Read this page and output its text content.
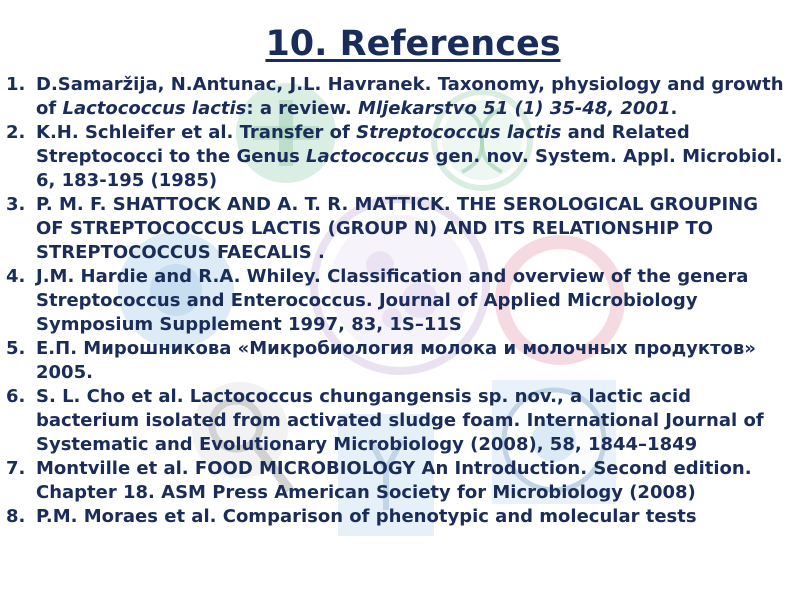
10. References
1. D.Samaržija, N.Antunac, J.L. Havranek. Taxonomy, physiology and growth of Lactococcus lactis: a review. Mljekarstvo 51 (1) 35-48, 2001.
2. K.H. Schleifer et al. Transfer of Streptococcus lactis and Related Streptococci to the Genus Lactococcus gen. nov. System. Appl. Microbiol. 6, 183-195 (1985)
3. P. M. F. SHATTOCK AND A. T. R. MATTICK. THE SEROLOGICAL GROUPING OF STREPTOCOCCUS LACTIS (GROUP N) AND ITS RELATIONSHIP TO STREPTOCOCCUS FAECALIS .
4. J.M. Hardie and R.A. Whiley. Classification and overview of the genera Streptococcus and Enterococcus. Journal of Applied Microbiology Symposium Supplement 1997, 83, 1S–11S
5. Е.П. Мирошникова «Микробиология молока и молочных продуктов» 2005.
6. S. L. Cho et al. Lactococcus chungangensis sp. nov., a lactic acid bacterium isolated from activated sludge foam. International Journal of Systematic and Evolutionary Microbiology (2008), 58, 1844–1849
7. Montville et al. FOOD MICROBIOLOGY An Introduction. Second edition. Chapter 18. ASM Press American Society for Microbiology (2008)
8. P.M. Moraes et al. Comparison of phenotypic and molecular tests
